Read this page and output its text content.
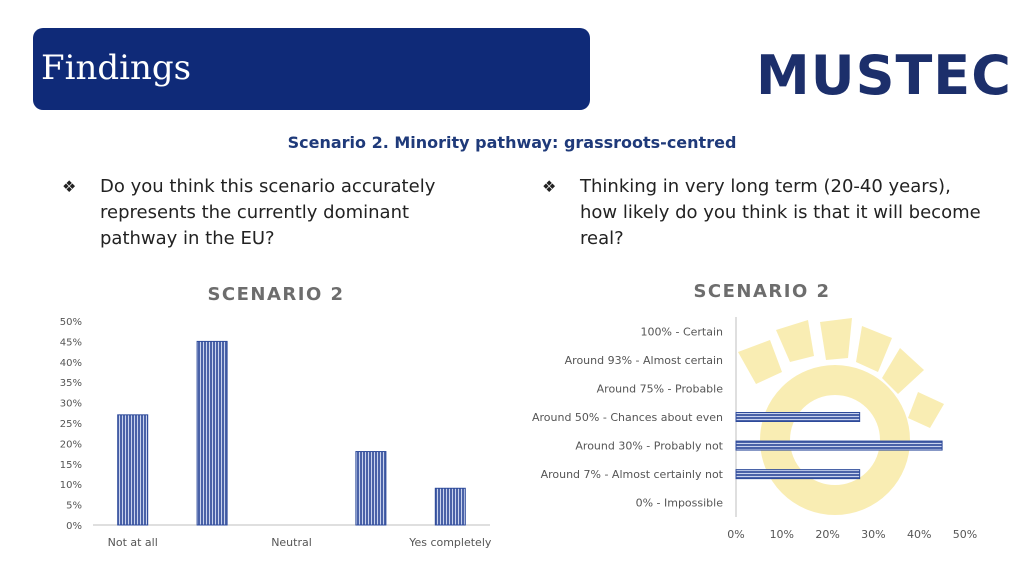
Findings	MUSTEC
Scenario 2. Minority pathway: grassroots-centred
❖ Do you think this scenario accurately represents the currently dominant pathway in the EU?
❖ Thinking in very long term (20-40 years), how likely do you think is that it will become real?
SCENARIO 2
0%
5%
10%
15%
20%
25%
30%
35%
40%
45%
50%
Not at all	Neutral	Yes completely
SCENARIO 2
100% - Certain
Around 93% - Almost certain
Around 75% - Probable
Around 50% - Chances about even
Around 30% - Probably not
Around 7% - Almost certainly not
0% - Impossible
0% 10% 20% 30% 40% 50%
